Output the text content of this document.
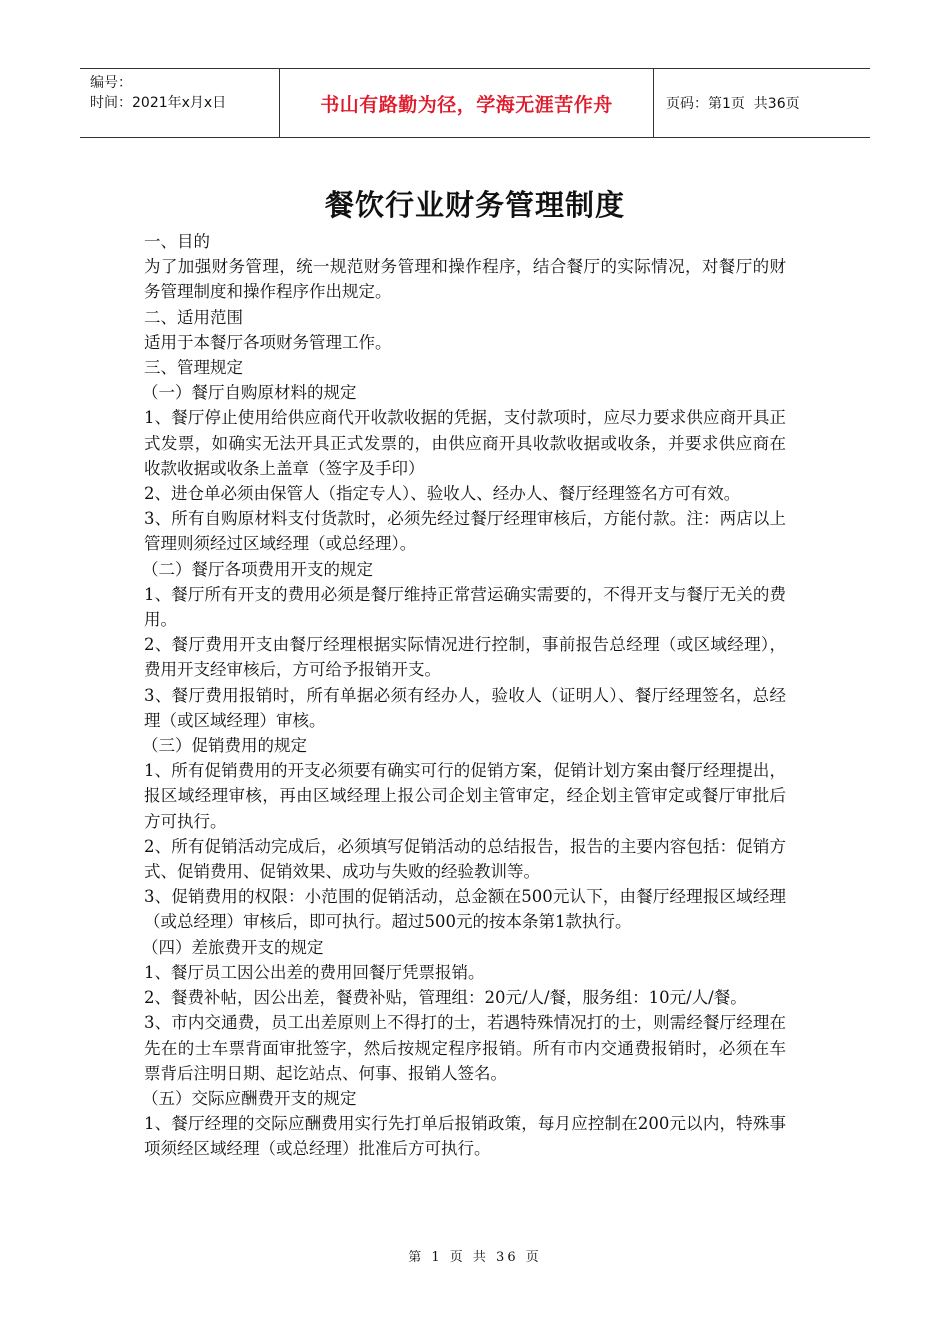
编号：
时间：2021年x月x日	书山有路勤为径，学海无涯苦作舟	页码：第1页  共36页
餐饮行业财务管理制度

一、目的

为了加强财务管理，统一规范财务管理和操作程序，结合餐厅的实际情况，对餐厅的财务管理制度和操作程序作出规定。

二、适用范围

适用于本餐厅各项财务管理工作。

三、管理规定

（一）餐厅自购原材料的规定

1、餐厅停止使用给供应商代开收款收据的凭据，支付款项时，应尽力要求供应商开具正式发票，如确实无法开具正式发票的，由供应商开具收款收据或收条，并要求供应商在收款收据或收条上盖章（签字及手印）

2、进仓单必须由保管人（指定专人）、验收人、经办人、餐厅经理签名方可有效。

3、所有自购原材料支付货款时，必须先经过餐厅经理审核后，方能付款。注：两店以上管理则须经过区域经理（或总经理）。

（二）餐厅各项费用开支的规定

1、餐厅所有开支的费用必须是餐厅维持正常营运确实需要的，不得开支与餐厅无关的费用。

2、餐厅费用开支由餐厅经理根据实际情况进行控制，事前报告总经理（或区域经理），费用开支经审核后，方可给予报销开支。

3、餐厅费用报销时，所有单据必须有经办人，验收人（证明人）、餐厅经理签名，总经理（或区域经理）审核。

（三）促销费用的规定

1、所有促销费用的开支必须要有确实可行的促销方案，促销计划方案由餐厅经理提出，报区域经理审核，再由区域经理上报公司企划主管审定，经企划主管审定或餐厅审批后方可执行。

2、所有促销活动完成后，必须填写促销活动的总结报告，报告的主要内容包括：促销方式、促销费用、促销效果、成功与失败的经验教训等。

3、促销费用的权限：小范围的促销活动，总金额在500元认下，由餐厅经理报区域经理（或总经理）审核后，即可执行。超过500元的按本条第1款执行。

（四）差旅费开支的规定

1、餐厅员工因公出差的费用回餐厅凭票报销。

2、餐费补帖，因公出差，餐费补贴，管理组：20元/人/餐，服务组：10元/人/餐。

3、市内交通费，员工出差原则上不得打的士，若遇特殊情况打的士，则需经餐厅经理在先在的士车票背面审批签字，然后按规定程序报销。所有市内交通费报销时，必须在车票背后注明日期、起讫站点、何事、报销人签名。

（五）交际应酬费开支的规定

1、餐厅经理的交际应酬费用实行先打单后报销政策，每月应控制在200元以内，特殊事项须经区域经理（或总经理）批准后方可执行。

第 1 页 共 36 页
